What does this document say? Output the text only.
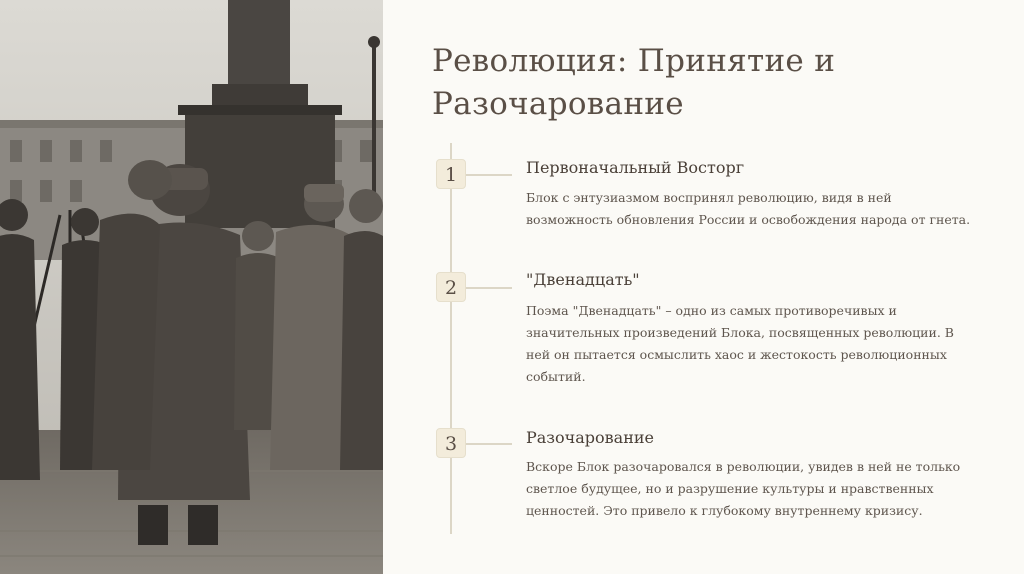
Революция: Принятие и
Разочарование
1	Первоначальный Восторг

Блок с энтузиазмом воспринял революцию, видя в ней возможность обновления России и освобождения народа от гнета.

2	"Двенадцать"

Поэма "Двенадцать" – одно из самых противоречивых и значительных произведений Блока, посвященных революции. В ней он пытается осмыслить хаос и жестокость революционных событий.

3	Разочарование

Вскоре Блок разочаровался в революции, увидев в ней не только светлое будущее, но и разрушение культуры и нравственных ценностей. Это привело к глубокому внутреннему кризису.
